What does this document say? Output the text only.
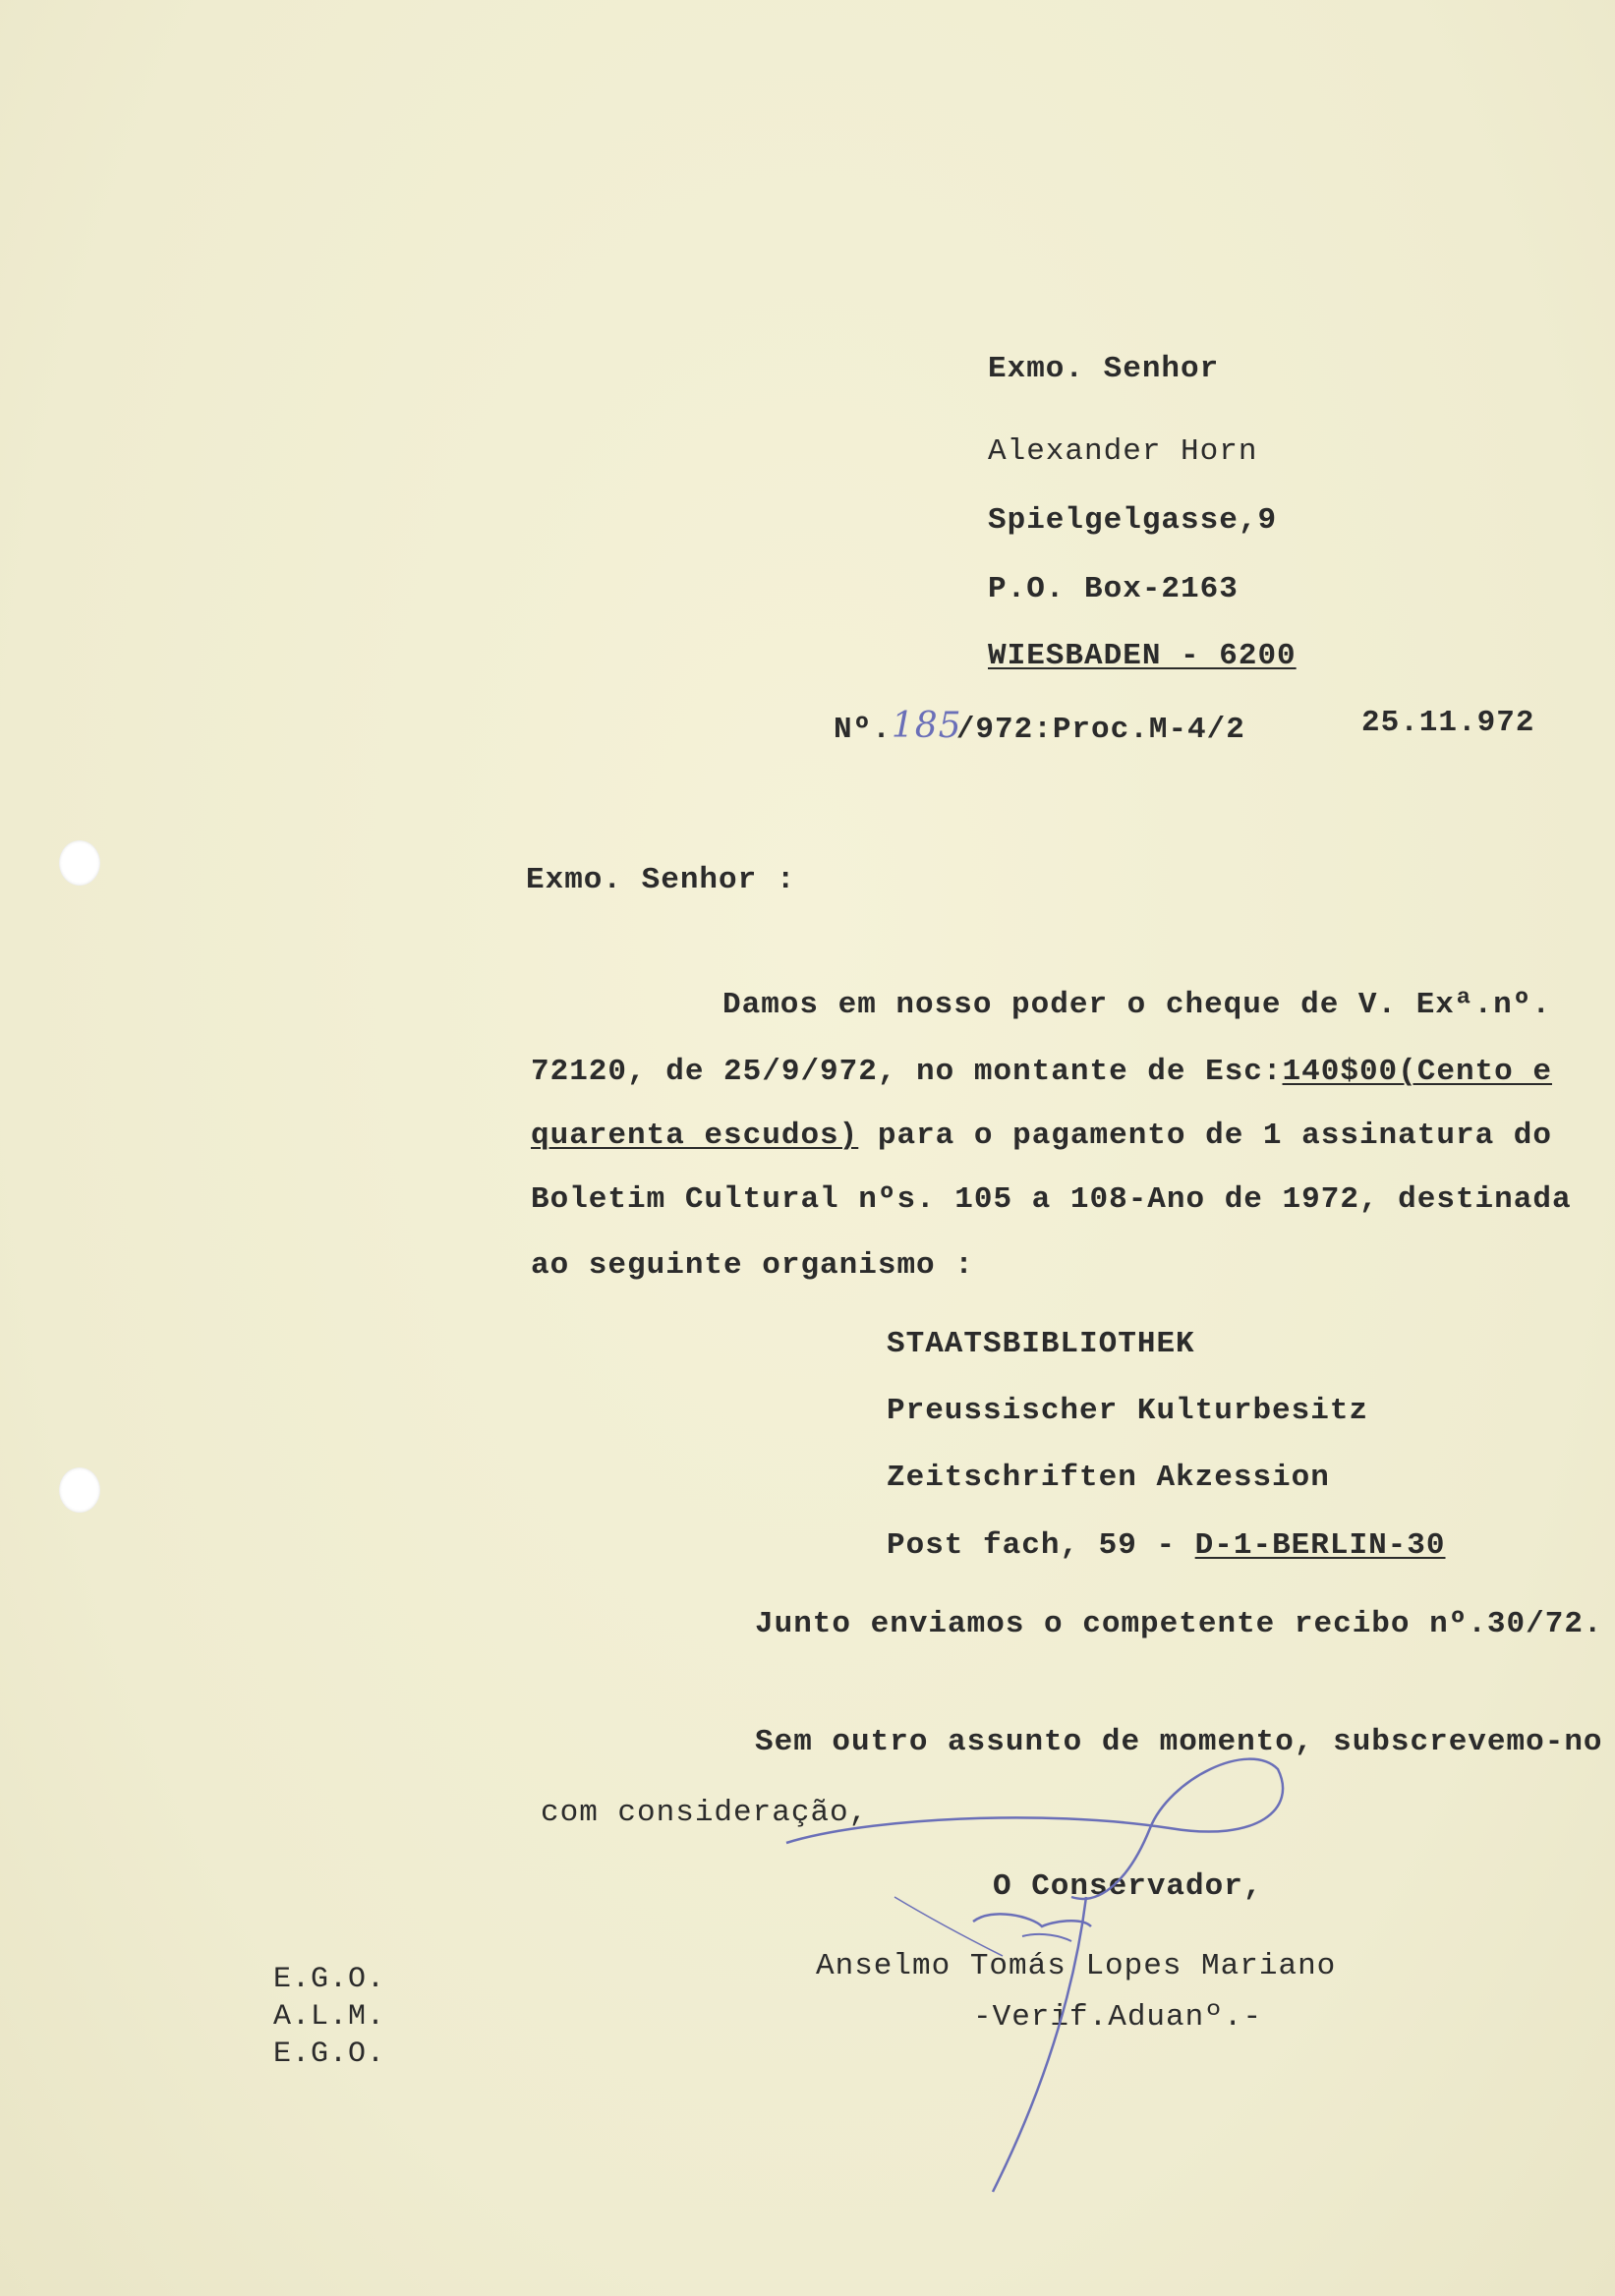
Exmo. Senhor
Alexander Horn
Spielgelgasse,9
P.O. Box-2163
WIESBADEN - 6200
Nº.185/972:Proc.M-4/2	25.11.972
Exmo. Senhor :
Damos em nosso poder o cheque de V. Exª.nº.
72120, de 25/9/972, no montante de Esc:140$00(Cento e
quarenta escudos) para o pagamento de 1 assinatura do
Boletim Cultural nºs. 105 a 108-Ano de 1972, destinada
ao seguinte organismo :
STAATSBIBLIOTHEK
Preussischer Kulturbesitz
Zeitschriften Akzession
Post fach, 59 - D-1-BERLIN-30
Junto enviamos o competente recibo nº.30/72.
Sem outro assunto de momento, subscrevemo-no
com consideração,
O Conservador,
Anselmo Tomás Lopes Mariano
-Verif.Aduanº.-
E.G.O.
A.L.M.
E.G.O.
